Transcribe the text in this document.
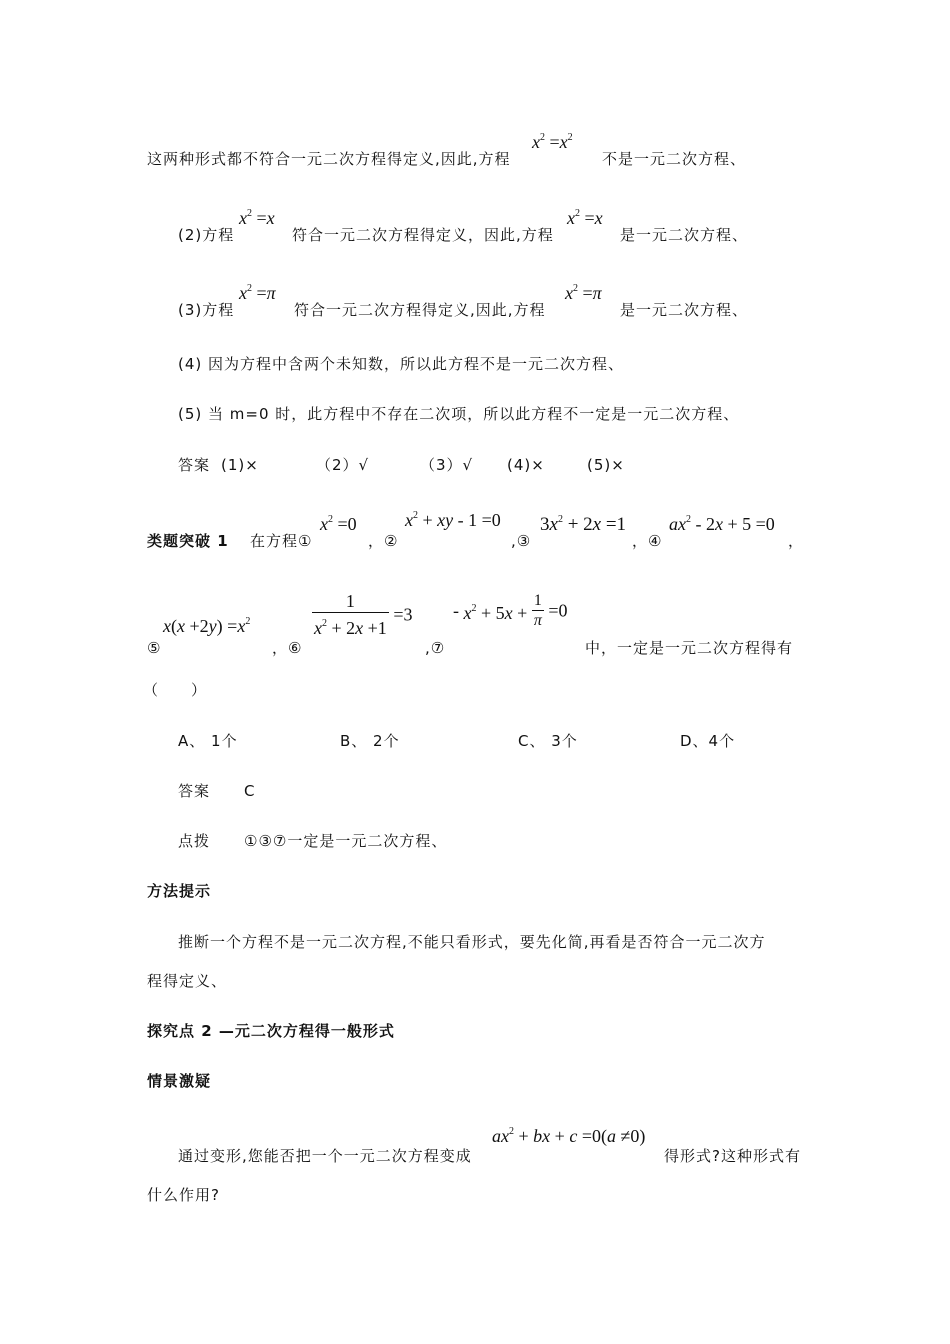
$x^2 =x^2$
这两种形式都不符合一元二次方程得定义,因此,方程	不是一元二次方程、
$x^2 =x$	$x^2 =x$
(2)方程	符合一元二次方程得定义，因此,方程	是一元二次方程、
$x^2 =\pi$	$x^2 =\pi$
(3)方程	符合一元二次方程得定义,因此,方程	是一元二次方程、
(4) 因为方程中含两个未知数，所以此方程不是一元二次方程、
(5) 当 m=0 时，此方程中不存在二次项，所以此方程不一定是一元二次方程、
答案 (1)×	（2）√	（3）√ (4)×	(5)×
$x^2 =0$	$x^2$ + xy - 1 =0 $3x^2 + 2x =1$ $ax^2 - 2x + 5 =0$
类题突破 1 在方程①	，②	,③	，④	，
$x(x +2y) =x^2$	$\frac{1}{x^2 + 2x +1} =3 - x^2 + 5x + \frac{1}{\pi} =0$
⑤	，⑥	,⑦	中，一定是一元二次方程得有
（　　）
A、 1个	B、 2个	C、 3个	D、4个
答案 C
点拨 ①③⑦一定是一元二次方程、
方法提示
推断一个方程不是一元二次方程,不能只看形式，要先化简,再看是否符合一元二次方
程得定义、
探究点 2 —元二次方程得一般形式
情景激疑
$ax^2$ + bx + c =0(a ≠0)
通过变形,您能否把一个一元二次方程变成	得形式?这种形式有
什么作用?
